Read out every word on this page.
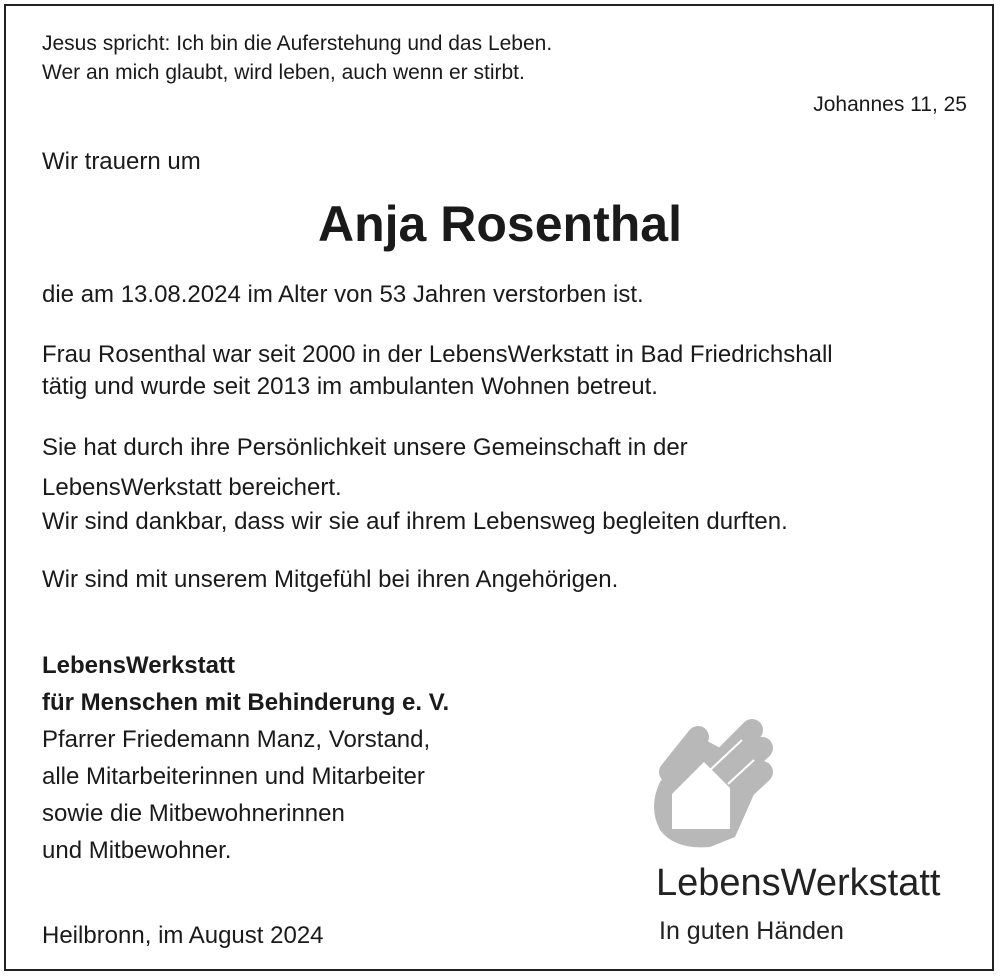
Jesus spricht: Ich bin die Auferstehung und das Leben.
Wer an mich glaubt, wird leben, auch wenn er stirbt.
Johannes 11, 25
Wir trauern um
Anja Rosenthal
die am 13.08.2024 im Alter von 53 Jahren verstorben ist.
Frau Rosenthal war seit 2000 in der LebensWerkstatt in Bad Friedrichshall
tätig und wurde seit 2013 im ambulanten Wohnen betreut.
Sie hat durch ihre Persönlichkeit unsere Gemeinschaft in der
LebensWerkstatt bereichert.
Wir sind dankbar, dass wir sie auf ihrem Lebensweg begleiten durften.
Wir sind mit unserem Mitgefühl bei ihren Angehörigen.
LebensWerkstatt
für Menschen mit Behinderung e. V.
Pfarrer Friedemann Manz, Vorstand,
alle Mitarbeiterinnen und Mitarbeiter
sowie die Mitbewohnerinnen
und Mitbewohner.
Heilbronn, im August 2024
LebensWerkstatt
In guten Händen
